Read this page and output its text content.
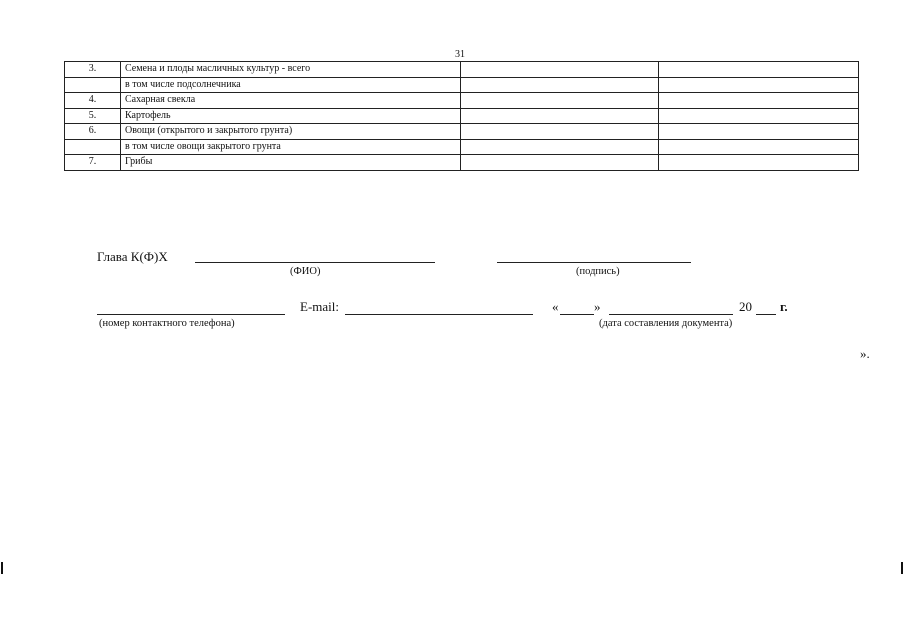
31
3.	Семена и плоды масличных культур - всего		
	в том числе подсолнечника		
4.	Сахарная свекла		
5.	Картофель		
6.	Овощи (открытого и закрытого грунта)		
	в том числе овощи закрытого грунта		
7.	Грибы		
Глава К(Ф)Х
(ФИО)	(подпись)
(номер контактного телефона)
E-mail:	«	»	20 г.
(дата составления документа)
».
